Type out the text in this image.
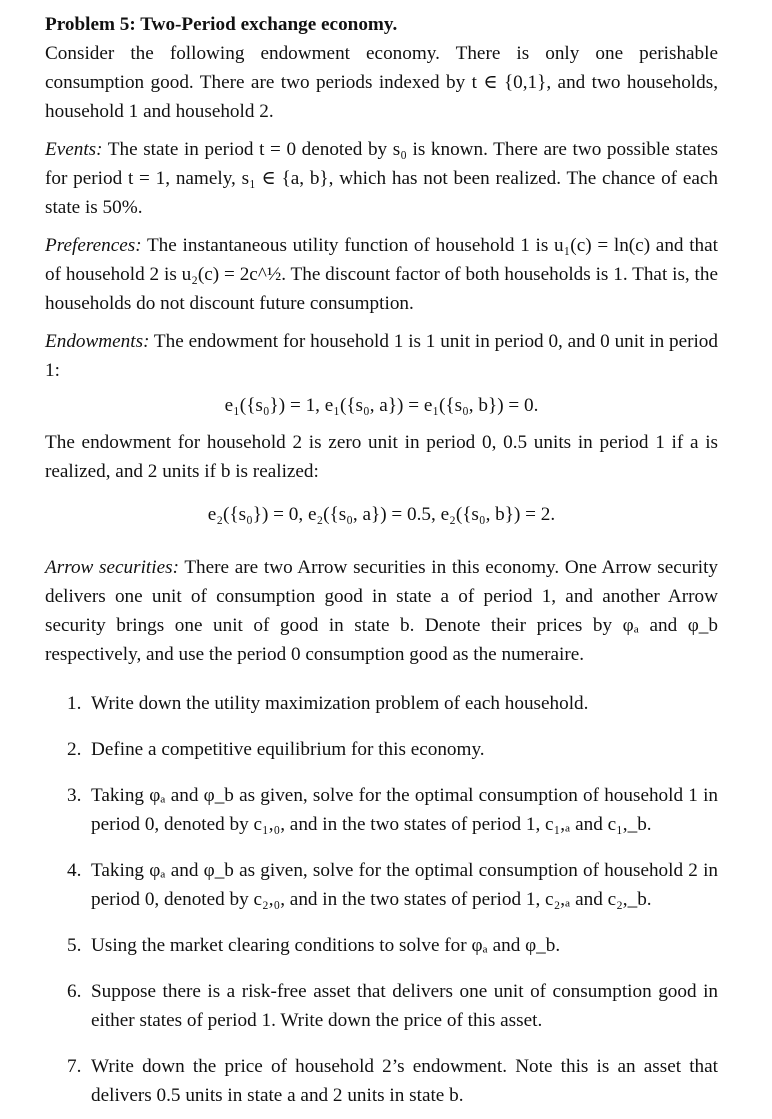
Problem 5: Two-Period exchange economy.

Consider the following endowment economy. There is only one perishable consumption good. There are two periods indexed by t ∈ {0,1}, and two households, household 1 and household 2.

Events: The state in period t = 0 denoted by s₀ is known. There are two possible states for period t = 1, namely, s₁ ∈ {a, b}, which has not been realized. The chance of each state is 50%.

Preferences: The instantaneous utility function of household 1 is u₁(c) = ln(c) and that of household 2 is u₂(c) = 2c^½. The discount factor of both households is 1. That is, the households do not discount future consumption.

Endowments: The endowment for household 1 is 1 unit in period 0, and 0 unit in period 1:

e₁({s₀}) = 1, e₁({s₀, a}) = e₁({s₀, b}) = 0.

The endowment for household 2 is zero unit in period 0, 0.5 units in period 1 if a is realized, and 2 units if b is realized:

e₂({s₀}) = 0, e₂({s₀, a}) = 0.5, e₂({s₀, b}) = 2.

Arrow securities: There are two Arrow securities in this economy. One Arrow security delivers one unit of consumption good in state a of period 1, and another Arrow security brings one unit of good in state b. Denote their prices by φₐ and φ_b respectively, and use the period 0 consumption good as the numeraire.

1. Write down the utility maximization problem of each household.
2. Define a competitive equilibrium for this economy.
3. Taking φₐ and φ_b as given, solve for the optimal consumption of household 1 in period 0, denoted by c₁,₀, and in the two states of period 1, c₁,ₐ and c₁,_b.
4. Taking φₐ and φ_b as given, solve for the optimal consumption of household 2 in period 0, denoted by c₂,₀, and in the two states of period 1, c₂,ₐ and c₂,_b.
5. Using the market clearing conditions to solve for φₐ and φ_b.
6. Suppose there is a risk-free asset that delivers one unit of consumption good in either states of period 1. Write down the price of this asset.
7. Write down the price of household 2’s endowment. Note this is an asset that delivers 0.5 units in state a and 2 units in state b.
